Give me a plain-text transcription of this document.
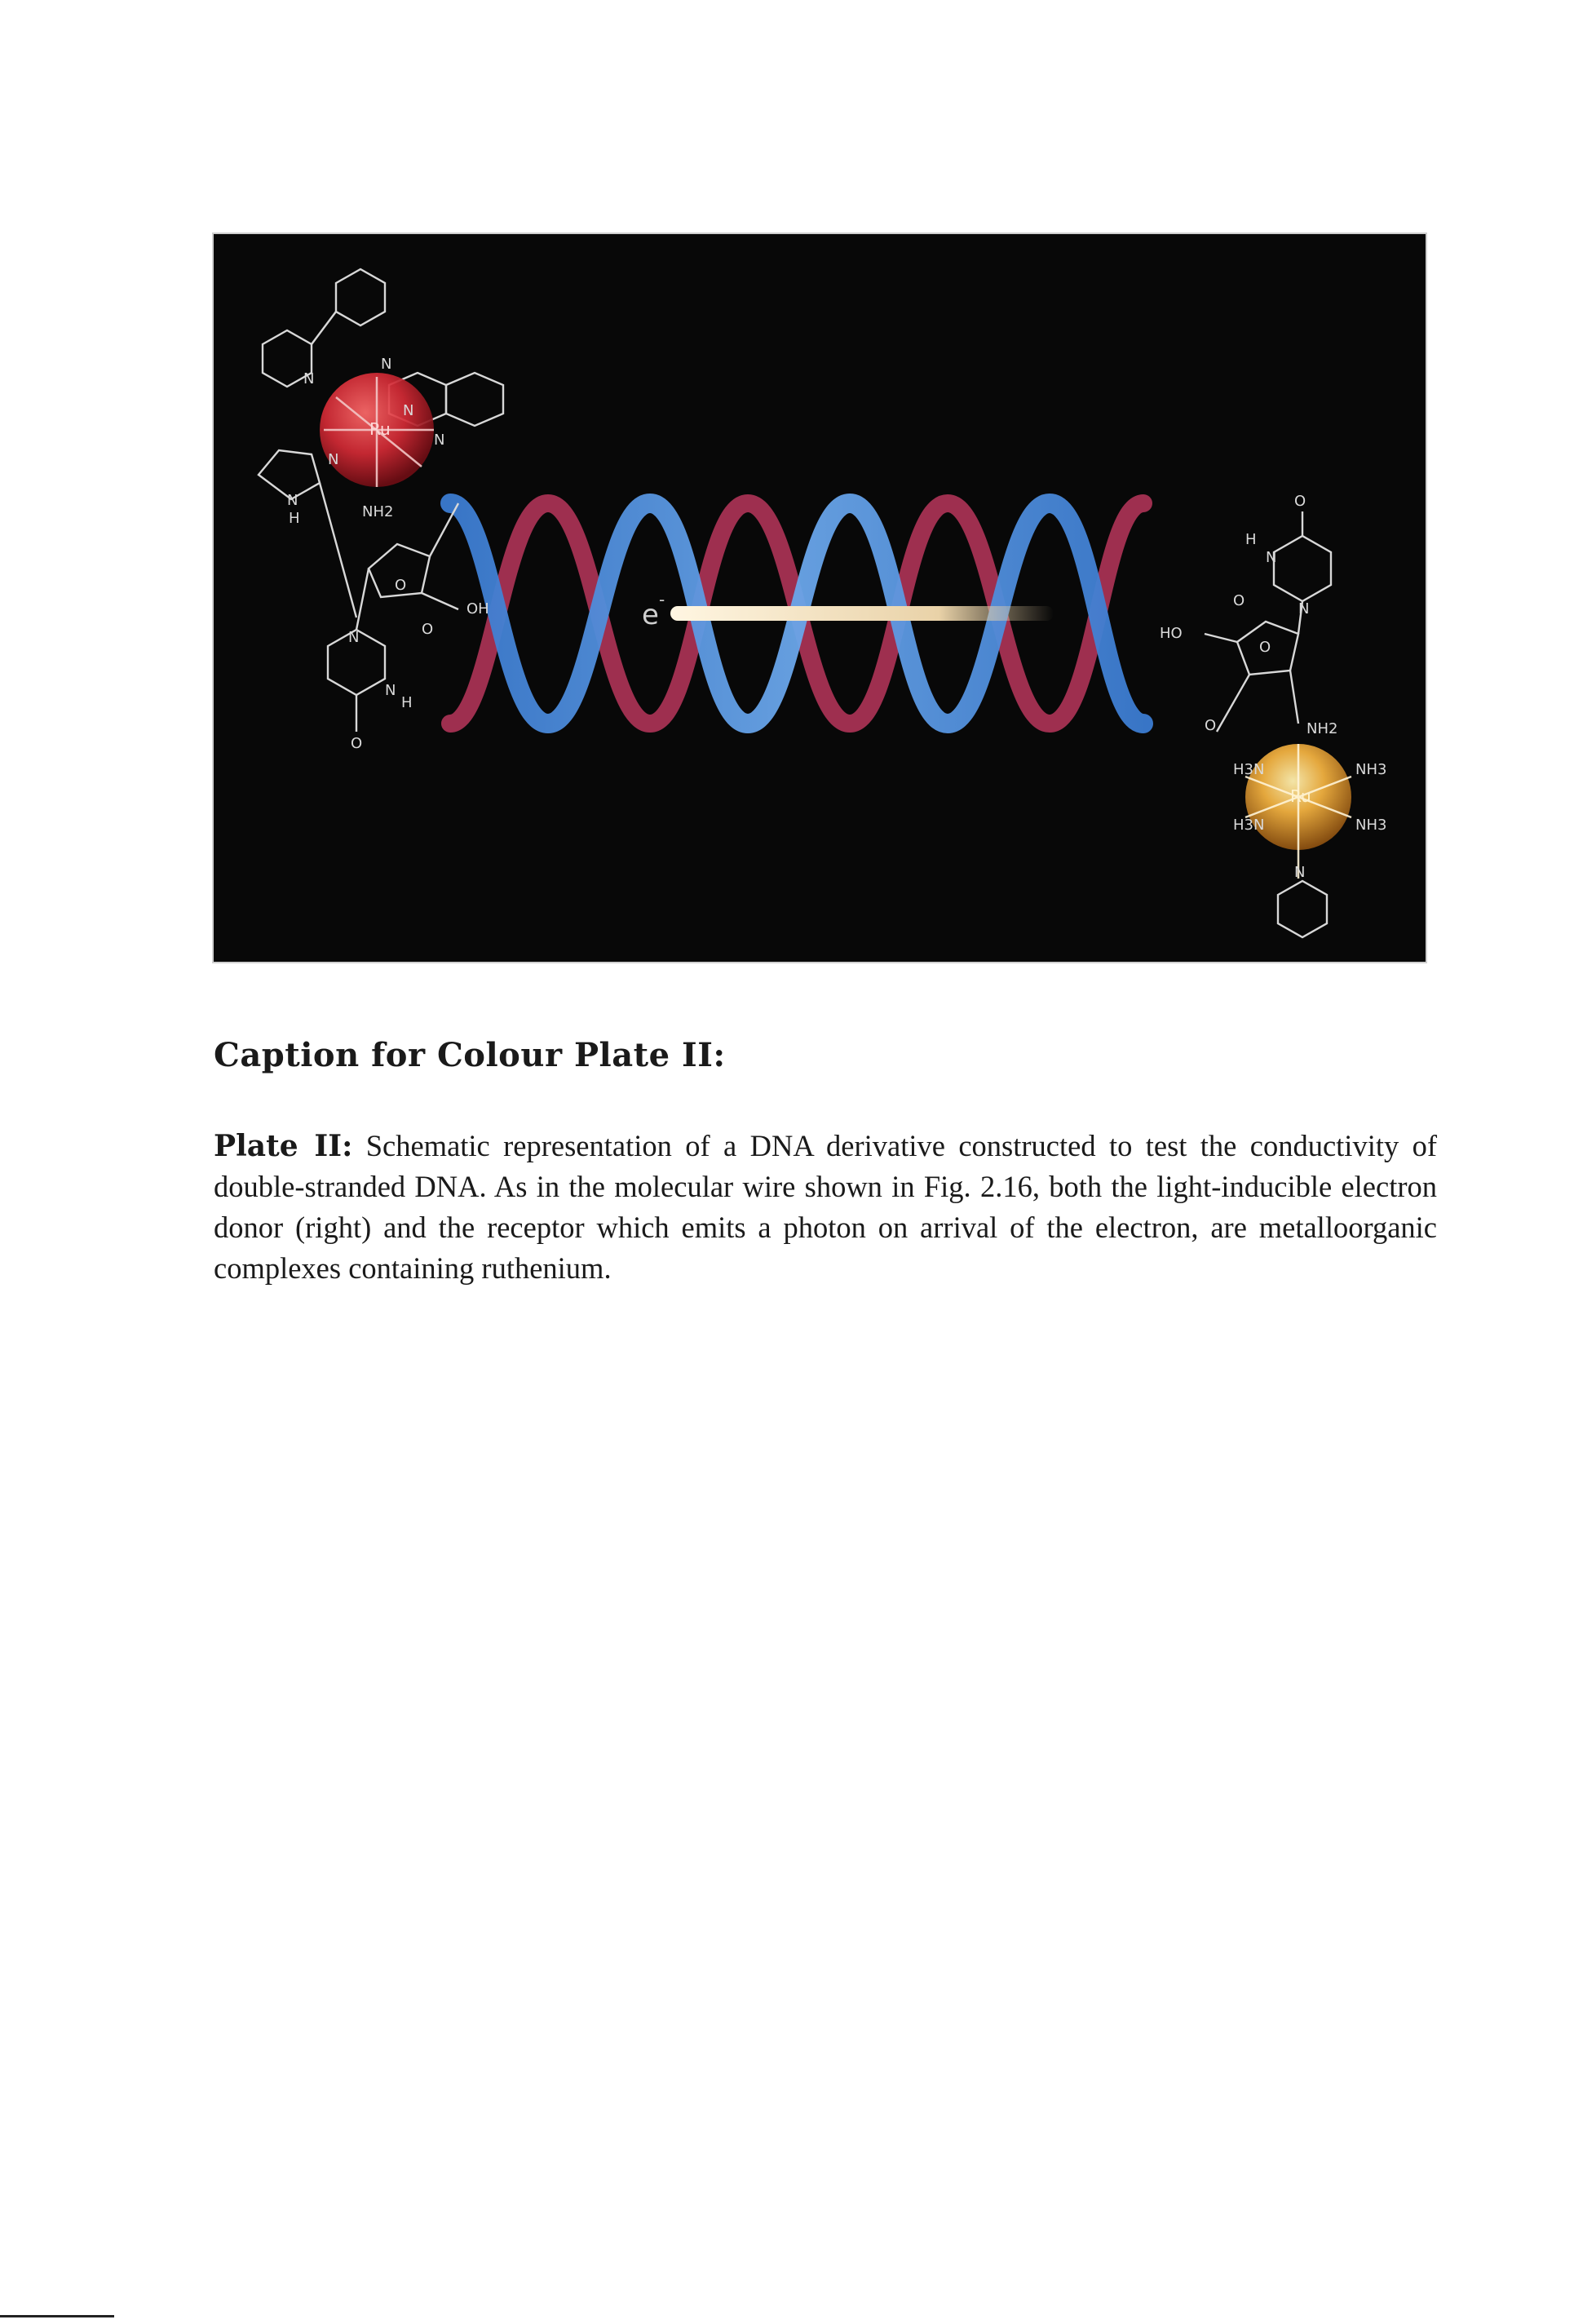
e -
Ru
N
N
N
N
N
N
H	NH2
O
OH
N	O
N
H
O
O
H
N
N
O
HO
O
O	NH2
H3N	NH3
H3N	NH3
N
Ru
Caption for Colour Plate II:
Plate II: Schematic representation of a DNA derivative constructed to test the conductivity of double-stranded DNA. As in the molecular wire shown in Fig. 2.16, both the light-inducible electron donor (right) and the receptor which emits a photon on arrival of the electron, are metalloorganic complexes containing ruthenium.
